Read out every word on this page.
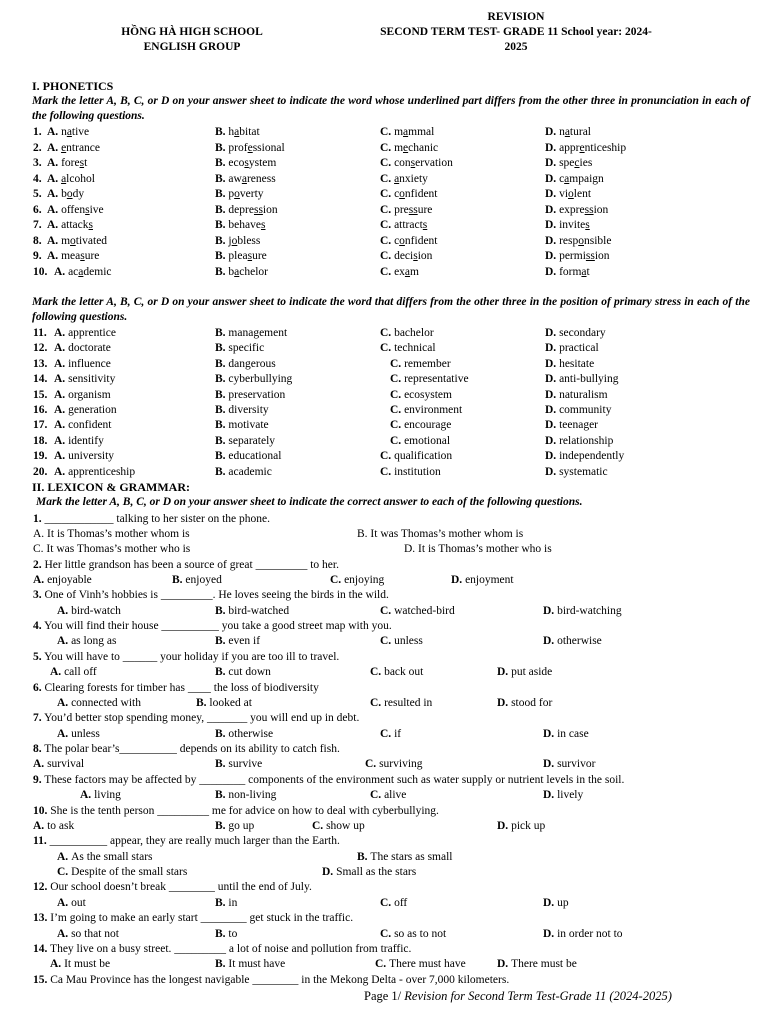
HỒNG HÀ HIGH SCHOOL
ENGLISH GROUP
REVISION
SECOND TERM TEST- GRADE 11 School year: 2024-
2025
I. PHONETICS
Mark the letter A, B, C, or D on your answer sheet to indicate the word whose underlined part differs from the other three in pronunciation in each of the following questions.
1. A. native	B. habitat	C. mammal	D. natural
2. A. entrance	B. professional	C. mechanic	D. apprenticeship
3. A. forest	B. ecosystem	C. conservation	D. species
4. A. alcohol	B. awareness	C. anxiety	D. campaign
5. A. body	B. poverty	C. confident	D. violent
6. A. offensive	B. depression	C. pressure	D. expression
7. A. attacks	B. behaves	C. attracts	D. invites
8. A. motivated	B. jobless	C. confident	D. responsible
9. A. measure	B. pleasure	C. decision	D. permission
10. A. academic	B. bachelor	C. exam	D. format
Mark the letter A, B, C, or D on your answer sheet to indicate the word that differs from the other three in the position of primary stress in each of the following questions.
11. A. apprentice	B. management	C. bachelor	D. secondary
12. A. doctorate	B. specific	C. technical	D. practical
13. A. influence	B. dangerous	C. remember	D. hesitate
14. A. sensitivity	B. cyberbullying	C. representative	D. anti-bullying
15. A. organism	B. preservation	C. ecosystem	D. naturalism
16. A. generation	B. diversity	C. environment	D. community
17. A. confident	B. motivate	C. encourage	D. teenager
18. A. identify	B. separately	C. emotional	D. relationship
19. A. university	B. educational	C. qualification	D. independently
20. A. apprenticeship	B. academic	C. institution	D. systematic
II. LEXICON & GRAMMAR:
Mark the letter A, B, C, or D on your answer sheet to indicate the correct answer to each of the following questions.
1. ____________ talking to her sister on the phone.
A. It is Thomas’s mother whom is	B. It was Thomas’s mother whom is
C. It was Thomas’s mother who is	D. It is Thomas’s mother who is
2. Her little grandson has been a source of great _________ to her.
A. enjoyable	B. enjoyed	C. enjoying	D. enjoyment
3. One of Vinh’s hobbies is _________. He loves seeing the birds in the wild.
A. bird-watch	B. bird-watched	C. watched-bird	D. bird-watching
4. You will find their house __________ you take a good street map with you.
A. as long as	B. even if	C. unless	D. otherwise
5. You will have to ______ your holiday if you are too ill to travel.
A. call off	B. cut down	C. back out	D. put aside
6. Clearing forests for timber has ____ the loss of biodiversity
A. connected with	B. looked at	C. resulted in	D. stood for
7. You’d better stop spending money, _______ you will end up in debt.
A. unless	B. otherwise	C. if	D. in case
8. The polar bear’s__________ depends on its ability to catch fish.
A. survival	B. survive	C. surviving	D. survivor
9. These factors may be affected by ________ components of the environment such as water supply or nutrient levels in the soil.
A. living	B. non-living	C. alive	D. lively
10. She is the tenth person _________ me for advice on how to deal with cyberbullying.
A. to ask	B. go up	C. show up	D. pick up
11. __________ appear, they are really much larger than the Earth.
A. As the small stars	B. The stars as small
C. Despite of the small stars	D. Small as the stars
12. Our school doesn’t break ________ until the end of July.
A. out	B. in	C. off	D. up
13. I’m going to make an early start ________ get stuck in the traffic.
A. so that not	B. to	C. so as to not	D. in order not to
14. They live on a busy street. _________ a lot of noise and pollution from traffic.
A. It must be	B. It must have	C. There must have	D. There must be
15. Ca Mau Province has the longest navigable ________ in the Mekong Delta - over 7,000 kilometers.
Page 1/ Revision for Second Term Test-Grade 11 (2024-2025)
